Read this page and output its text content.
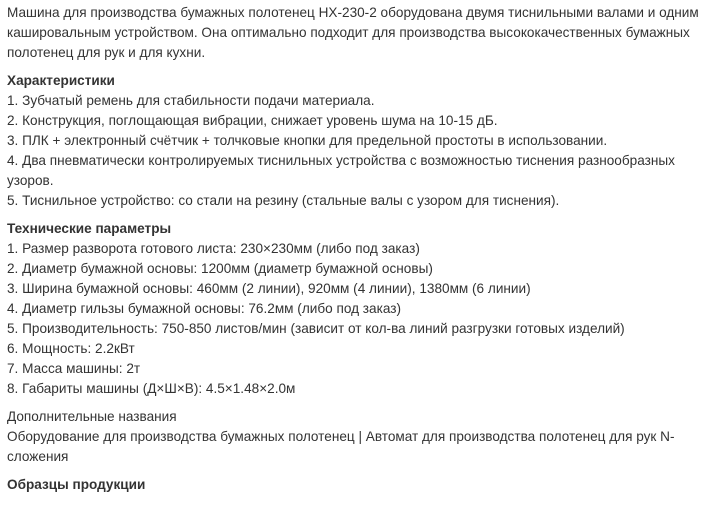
Машина для производства бумажных полотенец НХ-230-2 оборудована двумя тиснильными валами и одним кашировальным устройством. Она оптимально подходит для производства высококачественных бумажных полотенец для рук и для кухни.

Характеристики
1. Зубчатый ремень для стабильности подачи материала.
2. Конструкция, поглощающая вибрации, снижает уровень шума на 10-15 дБ.
3. ПЛК + электронный счётчик + толчковые кнопки для предельной простоты в использовании.
4. Два пневматически контролируемых тиснильных устройства с возможностью тиснения разнообразных узоров.
5. Тиснильное устройство: со стали на резину (стальные валы с узором для тиснения).
Технические параметры
1. Размер разворота готового листа: 230×230мм (либо под заказ)
2. Диаметр бумажной основы: 1200мм (диаметр бумажной основы)
3. Ширина бумажной основы: 460мм (2 линии), 920мм (4 линии), 1380мм (6 линии)
4. Диаметр гильзы бумажной основы: 76.2мм (либо под заказ)
5. Производительность: 750-850 листов/мин (зависит от кол-ва линий разгрузки готовых изделий)
6. Мощность: 2.2кВт
7. Масса машины: 2т
8. Габариты машины (Д×Ш×В): 4.5×1.48×2.0м
Дополнительные названия
Оборудование для производства бумажных полотенец | Автомат для производства полотенец для рук N-сложения
Образцы продукции
